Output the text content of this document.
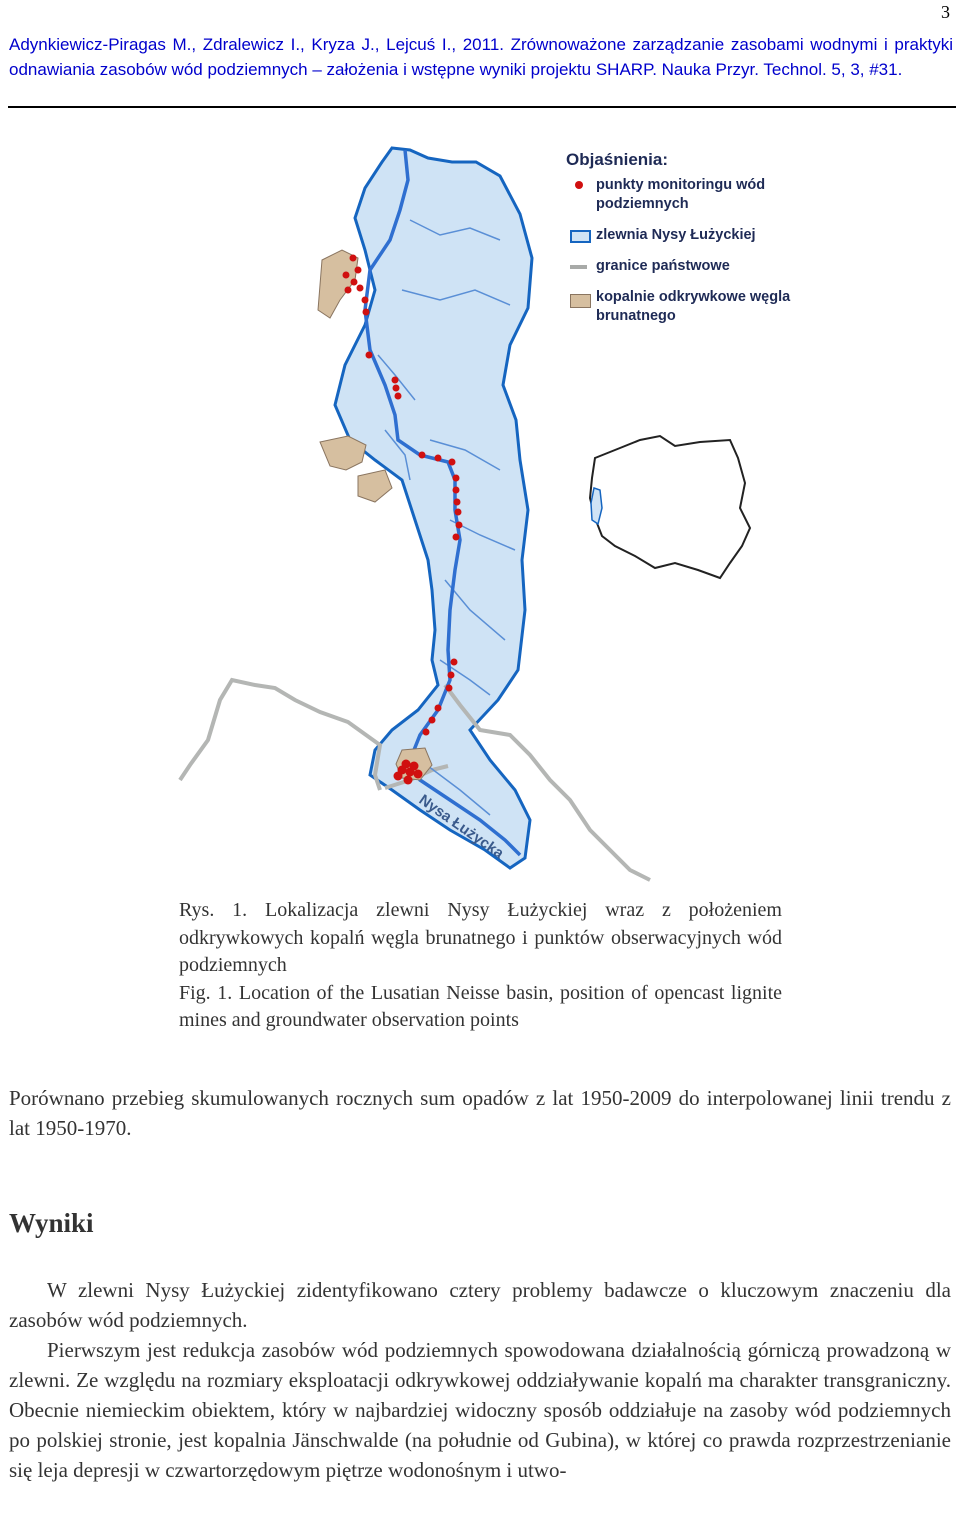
3
Adynkiewicz-Piragas M., Zdralewicz I., Kryza J., Lejcuś I., 2011. Zrównoważone zarządzanie zasobami wodnymi i praktyki odnawiania zasobów wód podziemnych – założenia i wstępne wyniki projektu SHARP. Nauka Przyr. Technol. 5, 3, #31.
Nysa Łużycka
Objaśnienia:
punkty monitoringu wód podziemnych
zlewnia Nysy Łużyckiej
granice państwowe
kopalnie odkrywkowe węgla brunatnego

Rys. 1. Lokalizacja zlewni Nysy Łużyckiej wraz z położeniem odkrywkowych kopalń węgla brunatnego i punktów obserwacyjnych wód podziemnych

Fig. 1. Location of the Lusatian Neisse basin, position of opencast lignite mines and groundwater observation points

Porównano przebieg skumulowanych rocznych sum opadów z lat 1950-2009 do interpolowanej linii trendu z lat 1950-1970.

Wyniki

W zlewni Nysy Łużyckiej zidentyfikowano cztery problemy badawcze o kluczowym znaczeniu dla zasobów wód podziemnych.

Pierwszym jest redukcja zasobów wód podziemnych spowodowana działalnością górniczą prowadzoną w zlewni. Ze względu na rozmiary eksploatacji odkrywkowej oddziaływanie kopalń ma charakter transgraniczny. Obecnie niemieckim obiektem, który w najbardziej widoczny sposób oddziałuje na zasoby wód podziemnych po polskiej stronie, jest kopalnia Jänschwalde (na południe od Gubina), w której co prawda rozprzestrzenianie się leja depresji w czwartorzędowym piętrze wodonośnym i utwo-
